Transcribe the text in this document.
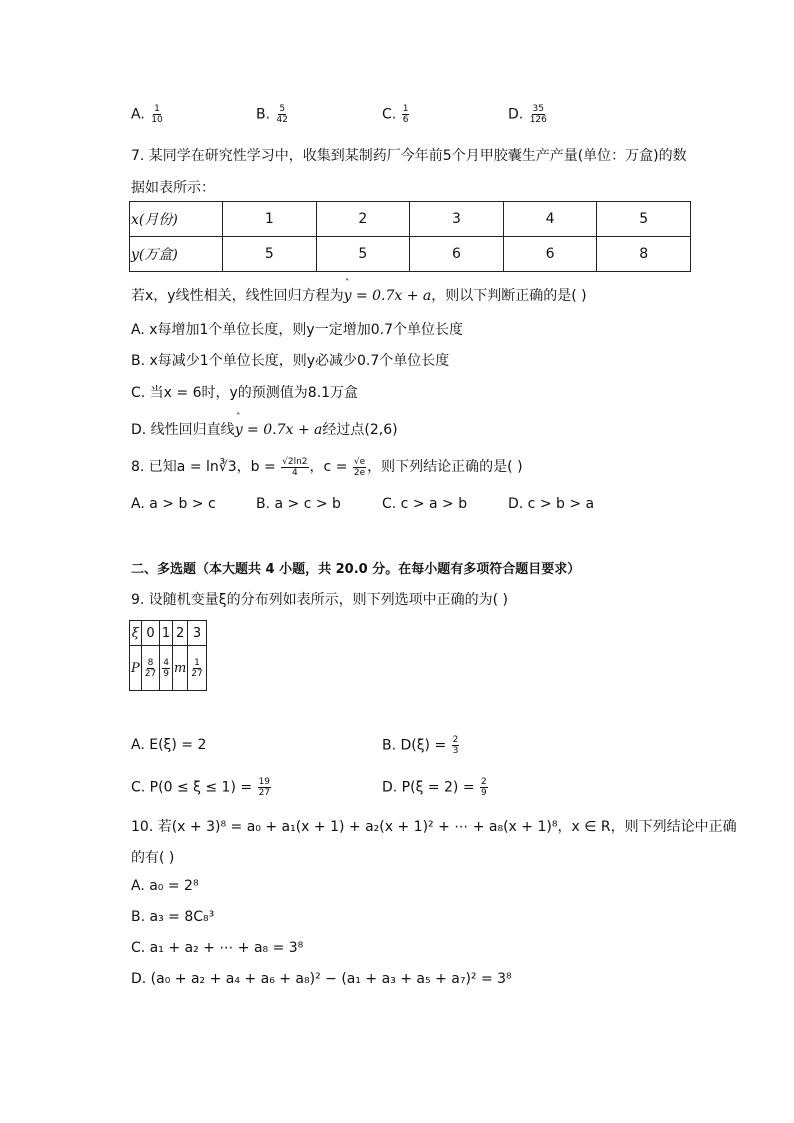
A. $\frac{1}{10}$	B. $\frac{5}{42}$	C. $\frac{1}{6}$	D. $\frac{35}{126}$
7. 某同学在研究性学习中，收集到某制药厂今年前5个月甲胶囊生产产量(单位：万盒)的数
据如表所示：
x(月份)	1	2	3	4	5
y(万盒)	5	5	6	6	8
若x，y线性相关，线性回归方程为ˆ y = 0.7x + a，则以下判断正确的是( )
A. x每增加1个单位长度，则y一定增加0.7个单位长度
B. x每减少1个单位长度，则y必减少0.7个单位长度
C. 当x = 6时，y的预测值为8.1万盒
D. 线性回归直线ˆ y = 0.7x + a经过点(2,6)
8. 已知a = ln∛3，$b = \frac{√2\ln 2}{4}$ ，$c = \frac{√e}{2e}$ ，则下列结论正确的是( )
A. a > b > c	B. a > c > b	C. c > a > b	D. c > b > a
二、多选题（本大题共 4 小题，共 20.0 分。在每小题有多项符合题目要求）
9. 设随机变量ξ的分布列如表所示，则下列选项中正确的为( )
ξ	0	1	2	3
P	$\frac{8}{27}$	$\frac{4}{9}$	m	$\frac{1}{27}$
A. E(ξ) = 2	B. $D(\xi) = \frac{2}{3}$
C. $P(0 \le \xi \le 1) = \frac{19}{27}$	D. $P(\xi = 2) = \frac{2}{9}$
10. 若(x + 3)⁸ = a₀ + a₁(x + 1) + a₂(x + 1)² + ⋯ + a₈(x + 1)⁸，x ∈ R，则下列结论中正确
的有( )
A. a₀ = 2⁸
B. a₃ = 8C₈³
C. a₁ + a₂ + ⋯ + a₈ = 3⁸
D. (a₀ + a₂ + a₄ + a₆ + a₈)² − (a₁ + a₃ + a₅ + a₇)² = 3⁸
